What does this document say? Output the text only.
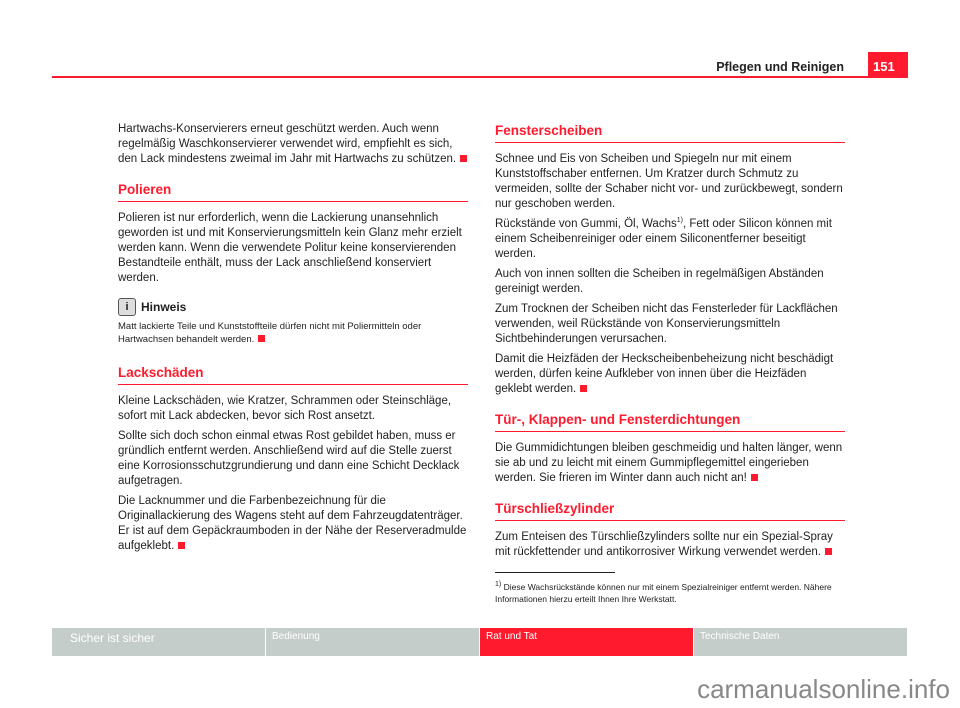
Pflegen und Reinigen	151

Hartwachs-Konservierers erneut geschützt werden. Auch wenn regelmäßig Waschkonservierer verwendet wird, empfiehlt es sich, den Lack mindestens zweimal im Jahr mit Hartwachs zu schützen.

Polieren

Polieren ist nur erforderlich, wenn die Lackierung unansehnlich geworden ist und mit Konservierungsmitteln kein Glanz mehr erzielt werden kann. Wenn die verwendete Politur keine konservierenden Bestandteile enthält, muss der Lack anschließend konserviert werden.

i	Hinweis
Matt lackierte Teile und Kunststoffteile dürfen nicht mit Poliermitteln oder Hartwachsen behandelt werden.
Lackschäden

Kleine Lackschäden, wie Kratzer, Schrammen oder Steinschläge, sofort mit Lack abdecken, bevor sich Rost ansetzt.

Sollte sich doch schon einmal etwas Rost gebildet haben, muss er gründlich entfernt werden. Anschließend wird auf die Stelle zuerst eine Korrosionsschutzgrundierung und dann eine Schicht Decklack aufgetragen.

Die Lacknummer und die Farbenbezeichnung für die Originallackierung des Wagens steht auf dem Fahrzeugdatenträger. Er ist auf dem Gepäckraumboden in der Nähe der Reserveradmulde aufgeklebt.

Fensterscheiben

Schnee und Eis von Scheiben und Spiegeln nur mit einem Kunststoffschaber entfernen. Um Kratzer durch Schmutz zu vermeiden, sollte der Schaber nicht vor- und zurückbewegt, sondern nur geschoben werden.

Rückstände von Gummi, Öl, Wachs$^{1)}$, Fett oder Silicon können mit einem Scheibenreiniger oder einem Siliconentferner beseitigt werden.

Auch von innen sollten die Scheiben in regelmäßigen Abständen gereinigt werden.

Zum Trocknen der Scheiben nicht das Fensterleder für Lackflächen verwenden, weil Rückstände von Konservierungsmitteln Sichtbehinderungen verursachen.

Damit die Heizfäden der Heckscheibenbeheizung nicht beschädigt werden, dürfen keine Aufkleber von innen über die Heizfäden geklebt werden.

Tür-, Klappen- und Fensterdichtungen

Die Gummidichtungen bleiben geschmeidig und halten länger, wenn sie ab und zu leicht mit einem Gummipflegemittel eingerieben werden. Sie frieren im Winter dann auch nicht an!

Türschließzylinder

Zum Enteisen des Türschließzylinders sollte nur ein Spezial-Spray mit rückfettender und antikorrosiver Wirkung verwendet werden.

$^{1)}$ Diese Wachsrückstände können nur mit einem Spezialreiniger entfernt werden. Nähere Informationen hierzu erteilt Ihnen Ihre Werkstatt.
Sicher ist sicher	Bedienung	Rat und Tat	Technische Daten
carmanualsonline.info
